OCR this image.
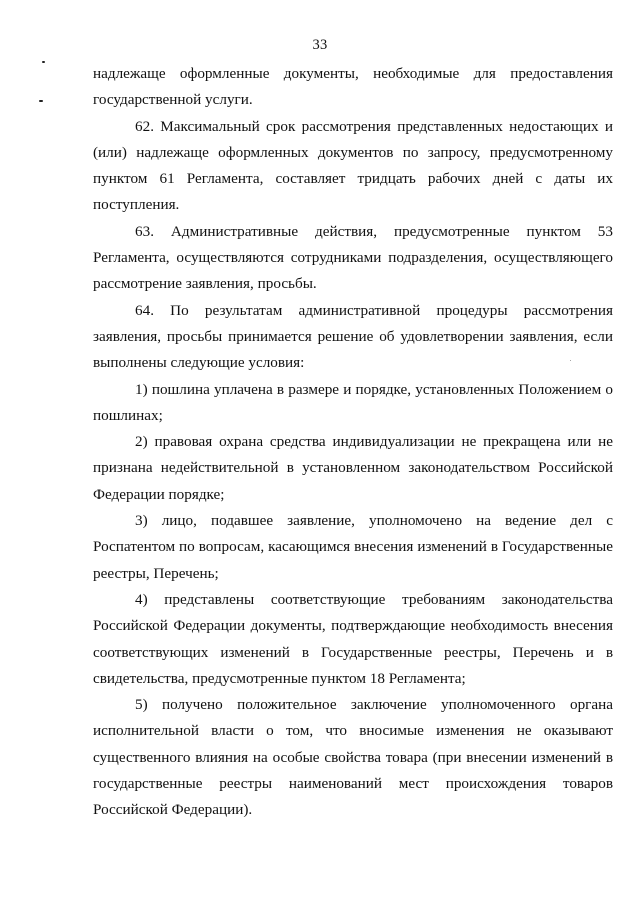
33

надлежаще оформленные документы, необходимые для предоставления государственной услуги.

62. Максимальный срок рассмотрения представленных недостающих и (или) надлежаще оформленных документов по запросу, предусмотренному пунктом 61 Регламента, составляет тридцать рабочих дней с даты их поступления.

63. Административные действия, предусмотренные пунктом 53 Регламента, осуществляются сотрудниками подразделения, осуществляющего рассмотрение заявления, просьбы.

64. По результатам административной процедуры рассмотрения заявления, просьбы принимается решение об удовлетворении заявления, если выполнены следующие условия:

1) пошлина уплачена в размере и порядке, установленных Положением о пошлинах;

2) правовая охрана средства индивидуализации не прекращена или не признана недействительной в установленном законодательством Российской Федерации порядке;

3) лицо, подавшее заявление, уполномочено на ведение дел с Роспатентом по вопросам, касающимся внесения изменений в Государственные реестры, Перечень;

4) представлены соответствующие требованиям законодательства Российской Федерации документы, подтверждающие необходимость внесения соответствующих изменений в Государственные реестры, Перечень и в свидетельства, предусмотренные пунктом 18 Регламента;

5) получено положительное заключение уполномоченного органа исполнительной власти о том, что вносимые изменения не оказывают существенного влияния на особые свойства товара (при внесении изменений в государственные реестры наименований мест происхождения товаров Российской Федерации).
